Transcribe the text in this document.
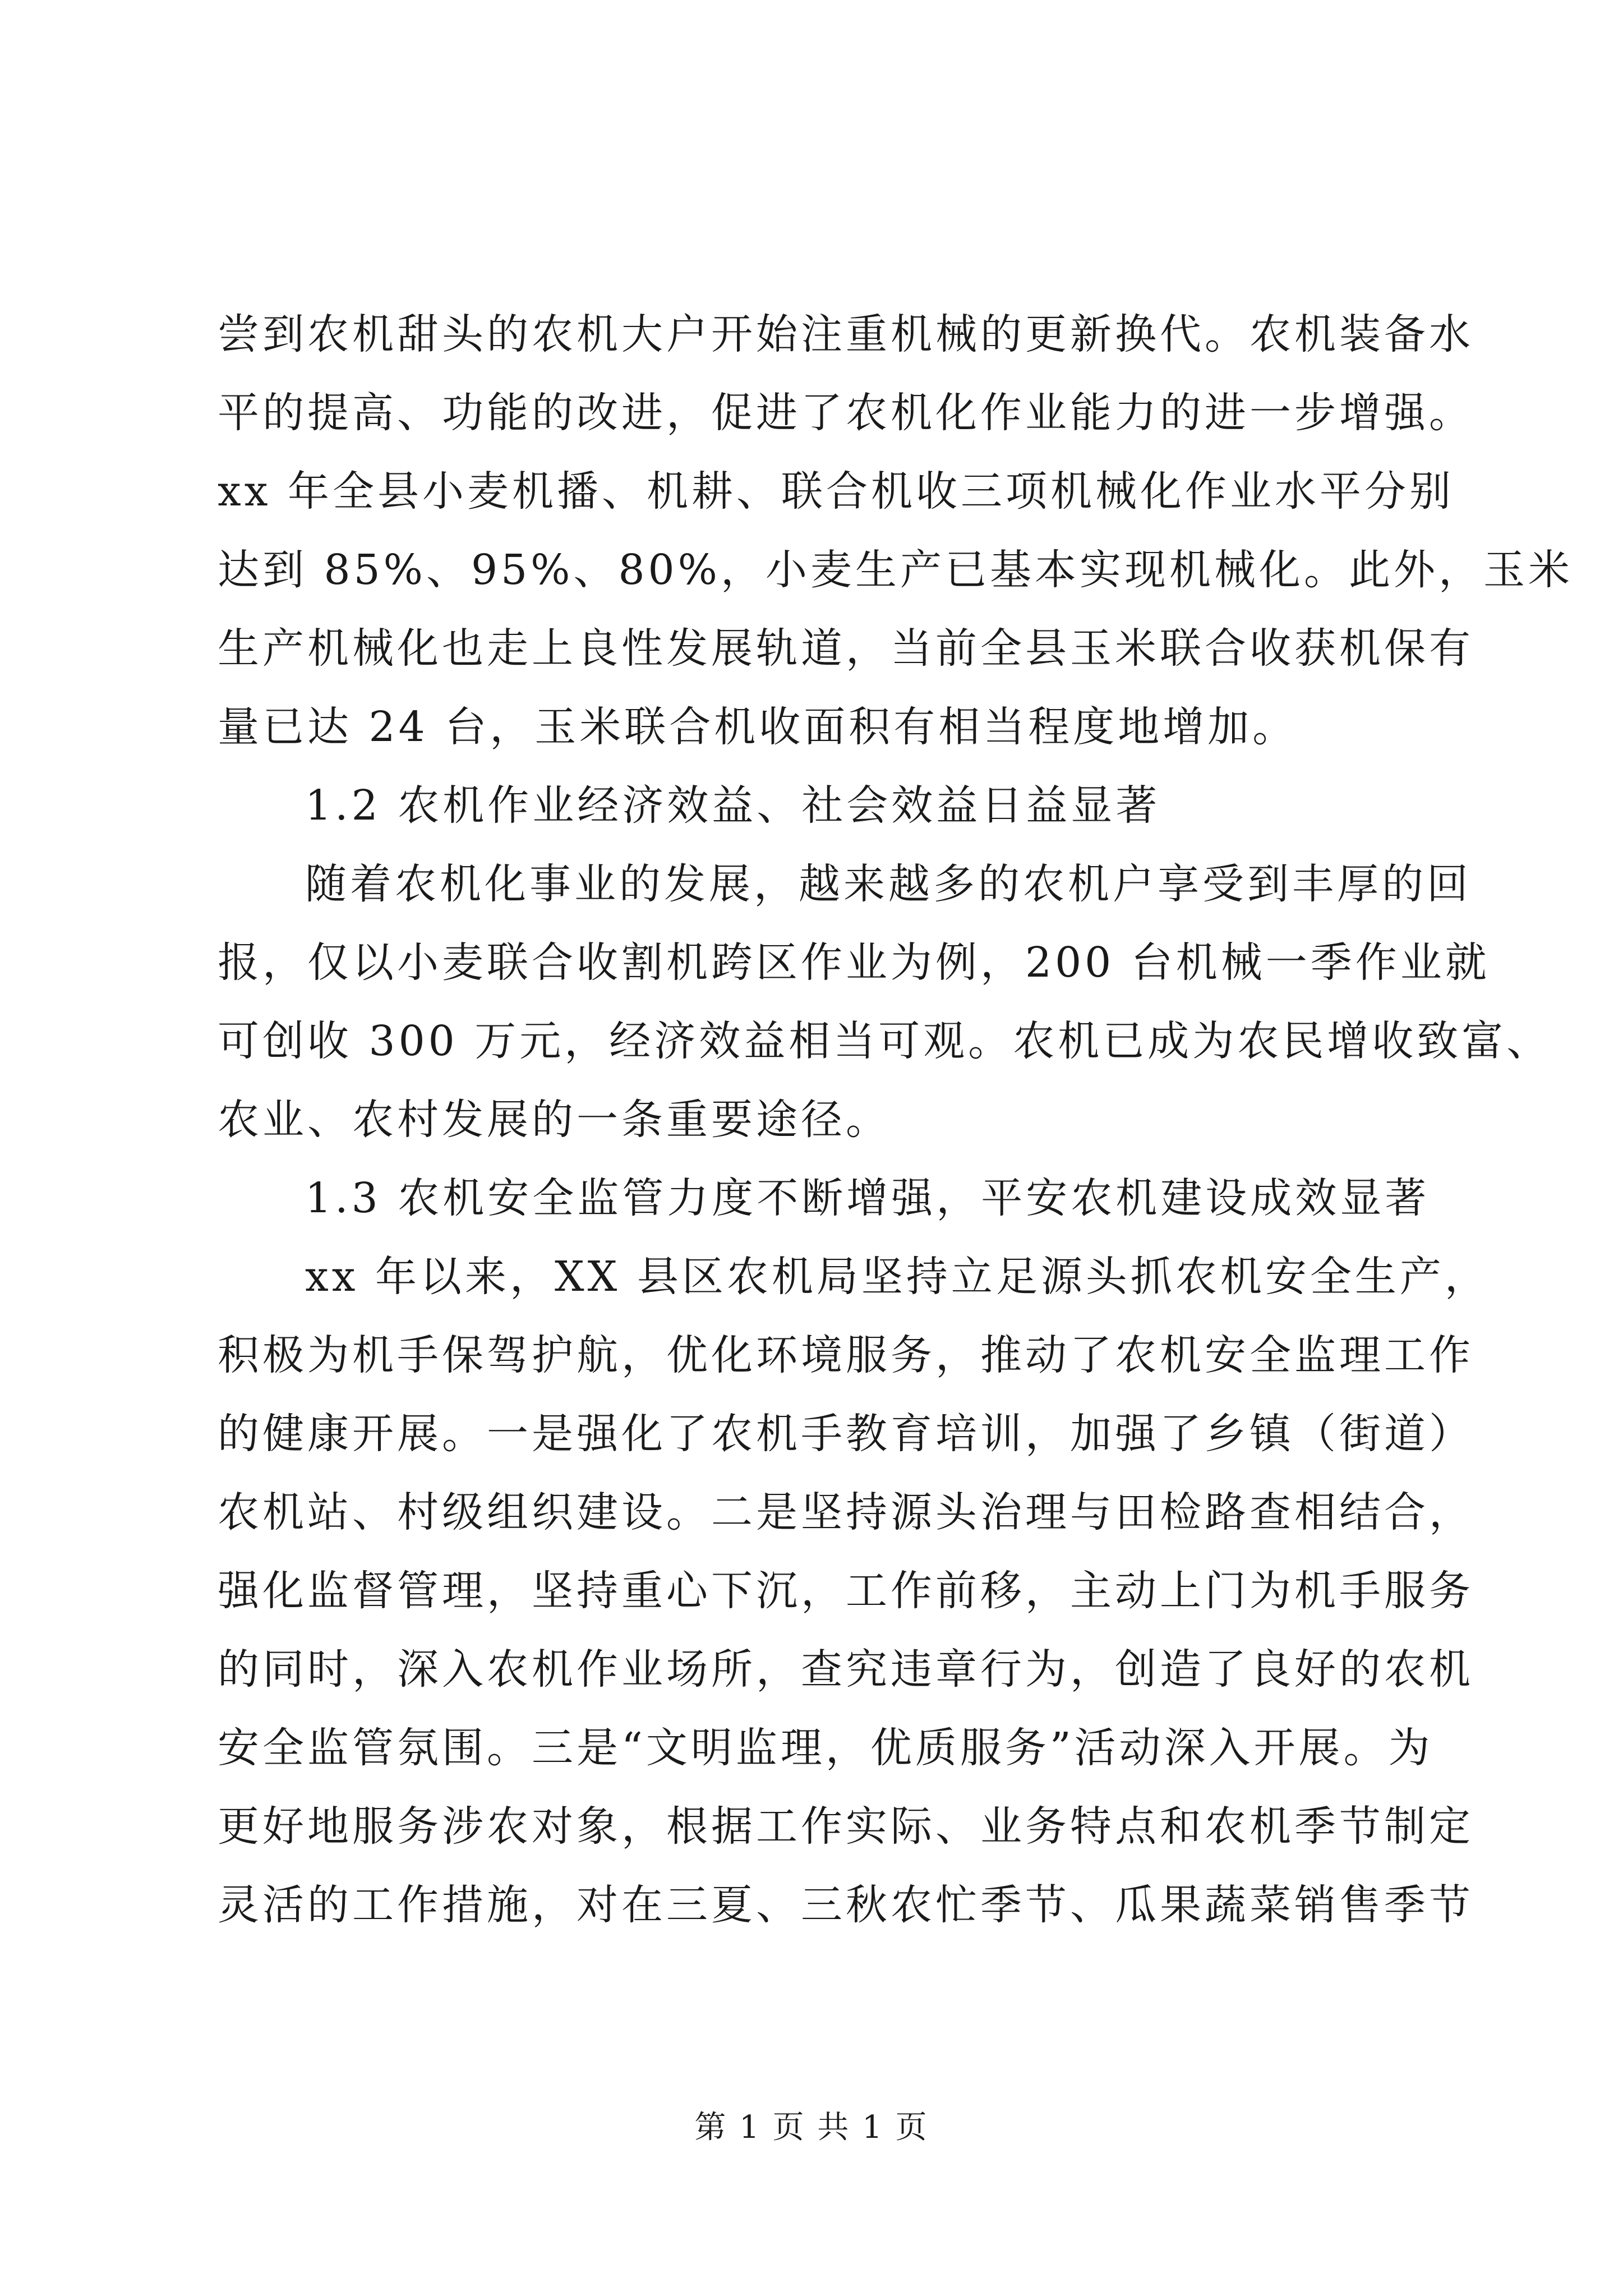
尝到农机甜头的农机大户开始注重机械的更新换代。农机装备水
平的提高、功能的改进，促进了农机化作业能力的进一步增强。
xx 年全县小麦机播、机耕、联合机收三项机械化作业水平分别
达到 85%、95%、80%，小麦生产已基本实现机械化。此外，玉米
生产机械化也走上良性发展轨道，当前全县玉米联合收获机保有
量已达 24 台，玉米联合机收面积有相当程度地增加。
1.2 农机作业经济效益、社会效益日益显著
随着农机化事业的发展，越来越多的农机户享受到丰厚的回
报，仅以小麦联合收割机跨区作业为例，200 台机械一季作业就
可创收 300 万元，经济效益相当可观。农机已成为农民增收致富、
农业、农村发展的一条重要途径。
1.3 农机安全监管力度不断增强，平安农机建设成效显著
xx 年以来，XX 县区农机局坚持立足源头抓农机安全生产，
积极为机手保驾护航，优化环境服务，推动了农机安全监理工作
的健康开展。一是强化了农机手教育培训，加强了乡镇（街道）
农机站、村级组织建设。二是坚持源头治理与田检路查相结合，
强化监督管理，坚持重心下沉，工作前移，主动上门为机手服务
的同时，深入农机作业场所，查究违章行为，创造了良好的农机
安全监管氛围。三是“文明监理，优质服务”活动深入开展。为
更好地服务涉农对象，根据工作实际、业务特点和农机季节制定
灵活的工作措施，对在三夏、三秋农忙季节、瓜果蔬菜销售季节
第 1 页 共 1 页
